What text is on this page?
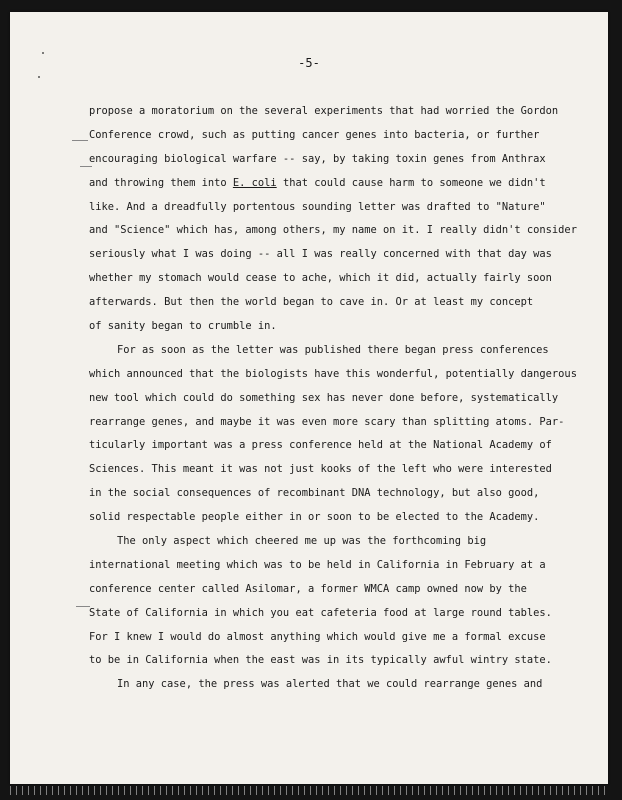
-5-
propose a moratorium on the several experiments that had worried the Gordon
Conference crowd, such as putting cancer genes into bacteria, or further
encouraging biological warfare -- say, by taking toxin genes from Anthrax
and throwing them into E. coli that could cause harm to someone we didn't
like. And a dreadfully portentous sounding letter was drafted to "Nature"
and "Science" which has, among others, my name on it. I really didn't consider
seriously what I was doing -- all I was really concerned with that day was
whether my stomach would cease to ache, which it did, actually fairly soon
afterwards. But then the world began to cave in. Or at least my concept
of sanity began to crumble in.
For as soon as the letter was published there began press conferences
which announced that the biologists have this wonderful, potentially dangerous
new tool which could do something sex has never done before, systematically
rearrange genes, and maybe it was even more scary than splitting atoms. Par-
ticularly important was a press conference held at the National Academy of
Sciences. This meant it was not just kooks of the left who were interested
in the social consequences of recombinant DNA technology, but also good,
solid respectable people either in or soon to be elected to the Academy.
The only aspect which cheered me up was the forthcoming big
international meeting which was to be held in California in February at a
conference center called Asilomar, a former WMCA camp owned now by the
State of California in which you eat cafeteria food at large round tables.
For I knew I would do almost anything which would give me a formal excuse
to be in California when the east was in its typically awful wintry state.
In any case, the press was alerted that we could rearrange genes and
